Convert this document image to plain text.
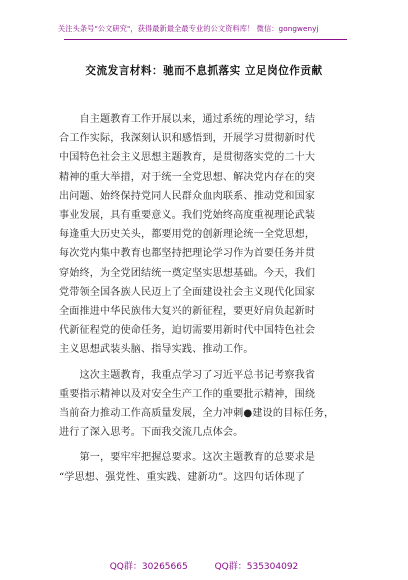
关注头条号"公文研究"，获得最新最全最专业的公文资料库！ 微信：gongwenyj
交流发言材料：驰而不息抓落实 立足岗位作贡献

　　自主题教育工作开展以来，通过系统的理论学习，结
合工作实际，我深刻认识和感悟到，开展学习贯彻新时代
中国特色社会主义思想主题教育，是贯彻落实党的二十大
精神的重大举措，对于统一全党思想、解决党内存在的突
出问题、始终保持党同人民群众血肉联系、推动党和国家
事业发展，具有重要意义。我们党始终高度重视理论武装
每逢重大历史关头，都要用党的创新理论统一全党思想，
每次党内集中教育也都坚持把理论学习作为首要任务并贯
穿始终，为全党团结统一奠定坚实思想基础。今天，我们
党带领全国各族人民迈上了全面建设社会主义现代化国家
全面推进中华民族伟大复兴的新征程，要更好肩负起新时
代新征程党的使命任务，迫切需要用新时代中国特色社会
主义思想武装头脑、指导实践、推动工作。

　　这次主题教育，我重点学习了习近平总书记考察我省
重要指示精神以及对安全生产工作的重要批示精神，围绕
当前奋力推动工作高质量发展，全力冲刺●建设的目标任务，
进行了深入思考。下面我交流几点体会。

　　第一，要牢牢把握总要求。这次主题教育的总要求是
“学思想、强党性、重实践、建新功”。这四句话体现了

QQ群：30265665	QQ群：535304092
